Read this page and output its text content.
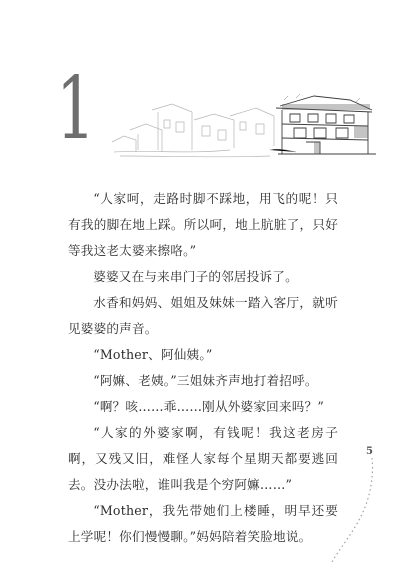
1

“人家呵，走路时脚不踩地，用飞的呢！只有我的脚在地上踩。所以呵，地上肮脏了，只好等我这老太婆来擦咯。”

婆婆又在与来串门子的邻居投诉了。

水香和妈妈、姐姐及妹妹一踏入客厅，就听见婆婆的声音。

“Mother、阿仙姨。”

“阿嫲、老姨。”三姐妹齐声地打着招呼。

“啊？咳……乖……刚从外婆家回来吗？”

“人家的外婆家啊，有钱呢！我这老房子啊，又残又旧，难怪人家每个星期天都要逃回去。没办法啦，谁叫我是个穷阿嫲……”

“Mother，我先带她们上楼睡，明早还要上学呢！你们慢慢聊。”妈妈陪着笑脸地说。

5
